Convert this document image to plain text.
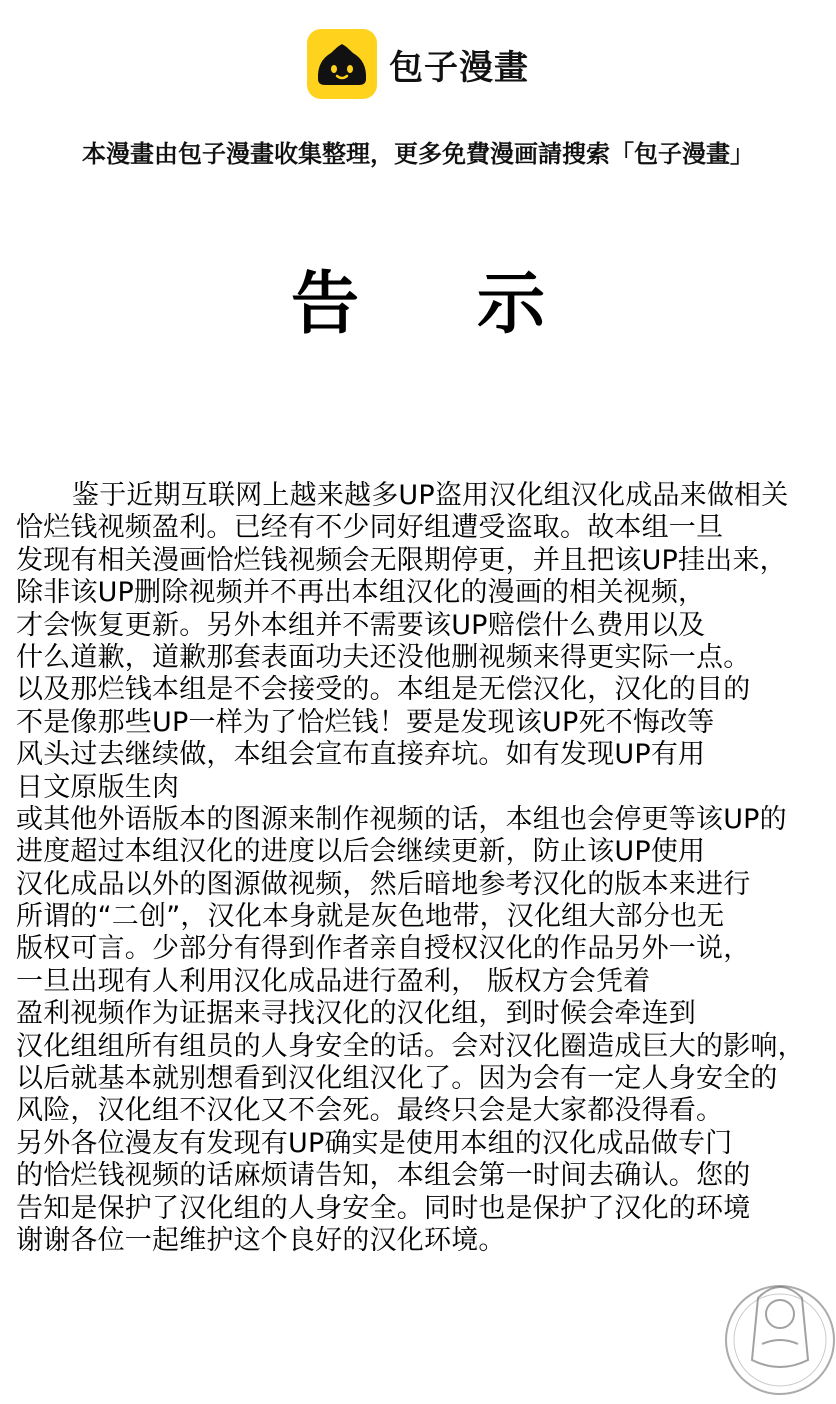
包子漫畫
本漫畫由包子漫畫收集整理，更多免費漫画請搜索「包子漫畫」
告示
鉴于近期互联网上越来越多UP盗用汉化组汉化成品来做相关
恰烂钱视频盈利。已经有不少同好组遭受盗取。故本组一旦
发现有相关漫画恰烂钱视频会无限期停更，并且把该UP挂出来，
除非该UP删除视频并不再出本组汉化的漫画的相关视频，
才会恢复更新。另外本组并不需要该UP赔偿什么费用以及
什么道歉，道歉那套表面功夫还没他删视频来得更实际一点。
以及那烂钱本组是不会接受的。本组是无偿汉化，汉化的目的
不是像那些UP一样为了恰烂钱！要是发现该UP死不悔改等
风头过去继续做，本组会宣布直接弃坑。如有发现UP有用
日文原版生肉
或其他外语版本的图源来制作视频的话，本组也会停更等该UP的
进度超过本组汉化的进度以后会继续更新，防止该UP使用
汉化成品以外的图源做视频，然后暗地参考汉化的版本来进行
所谓的“二创”，汉化本身就是灰色地带，汉化组大部分也无
版权可言。少部分有得到作者亲自授权汉化的作品另外一说，
一旦出现有人利用汉化成品进行盈利， 版权方会凭着
盈利视频作为证据来寻找汉化的汉化组，到时候会牵连到
汉化组组所有组员的人身安全的话。会对汉化圈造成巨大的影响，
以后就基本就别想看到汉化组汉化了。因为会有一定人身安全的
风险，汉化组不汉化又不会死。最终只会是大家都没得看。
另外各位漫友有发现有UP确实是使用本组的汉化成品做专门
的恰烂钱视频的话麻烦请告知，本组会第一时间去确认。您的
告知是保护了汉化组的人身安全。同时也是保护了汉化的环境
谢谢各位一起维护这个良好的汉化环境。
